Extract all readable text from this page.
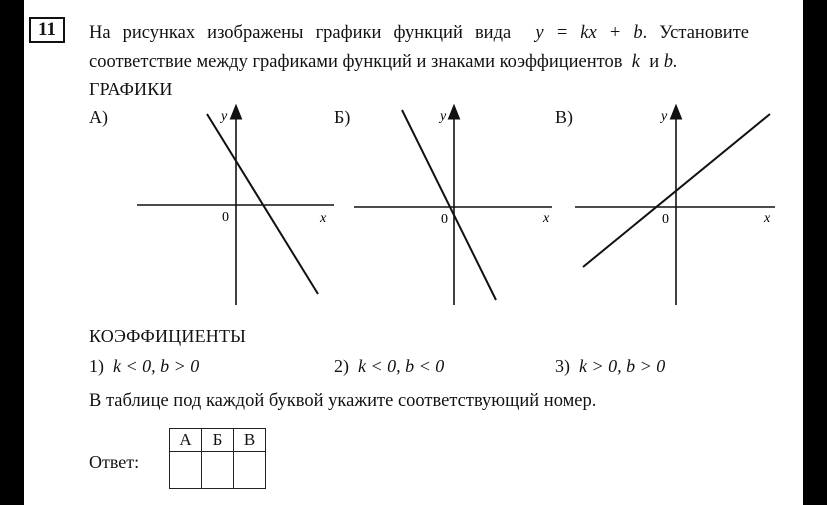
11	На рисунках изображены графики функций вида y = kx + b. Установите
соответствие между графиками функций и знаками коэффициентов k и b.
ГРАФИКИ
А)	Б)	В)
y
x
0
y
x
0
y
x
0
КОЭФФИЦИЕНТЫ
1) k < 0, b > 0	2) k < 0, b < 0	3) k > 0, b > 0
В таблице под каждой буквой укажите соответствующий номер.
Ответ:
А	Б	В
